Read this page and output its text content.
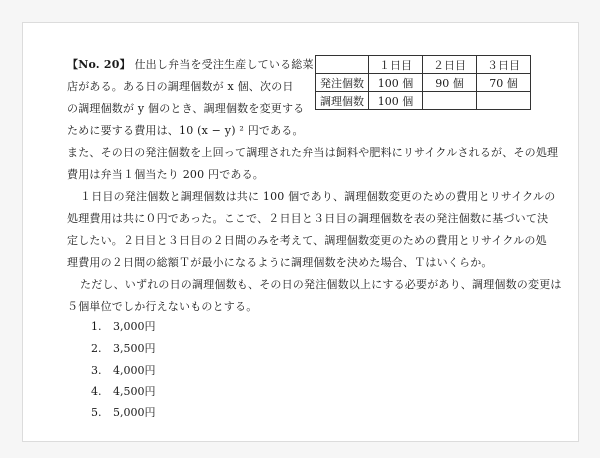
【No. 20】 仕出し弁当を受注生産している総菜
店がある。ある日の調理個数が x 個、次の日
の調理個数が y 個のとき、調理個数を変更する
ために要する費用は、10 (x − y) ² 円である。
	１日目	２日目	３日目
発注個数	100 個	90 個	70 個
調理個数	100 個		
また、その日の発注個数を上回って調理された弁当は飼料や肥料にリサイクルされるが、その処理
費用は弁当１個当たり 200 円である。
１日目の発注個数と調理個数は共に 100 個であり、調理個数変更のための費用とリサイクルの
処理費用は共に０円であった。ここで、２日目と３日目の調理個数を表の発注個数に基づいて決
定したい。２日目と３日目の２日間のみを考えて、調理個数変更のための費用とリサイクルの処
理費用の２日間の総額Ｔが最小になるように調理個数を決めた場合、Ｔはいくらか。
ただし、いずれの日の調理個数も、その日の発注個数以上にする必要があり、調理個数の変更は
５個単位でしか行えないものとする。
1. 3,000円
2. 3,500円
3. 4,000円
4. 4,500円
5. 5,000円
